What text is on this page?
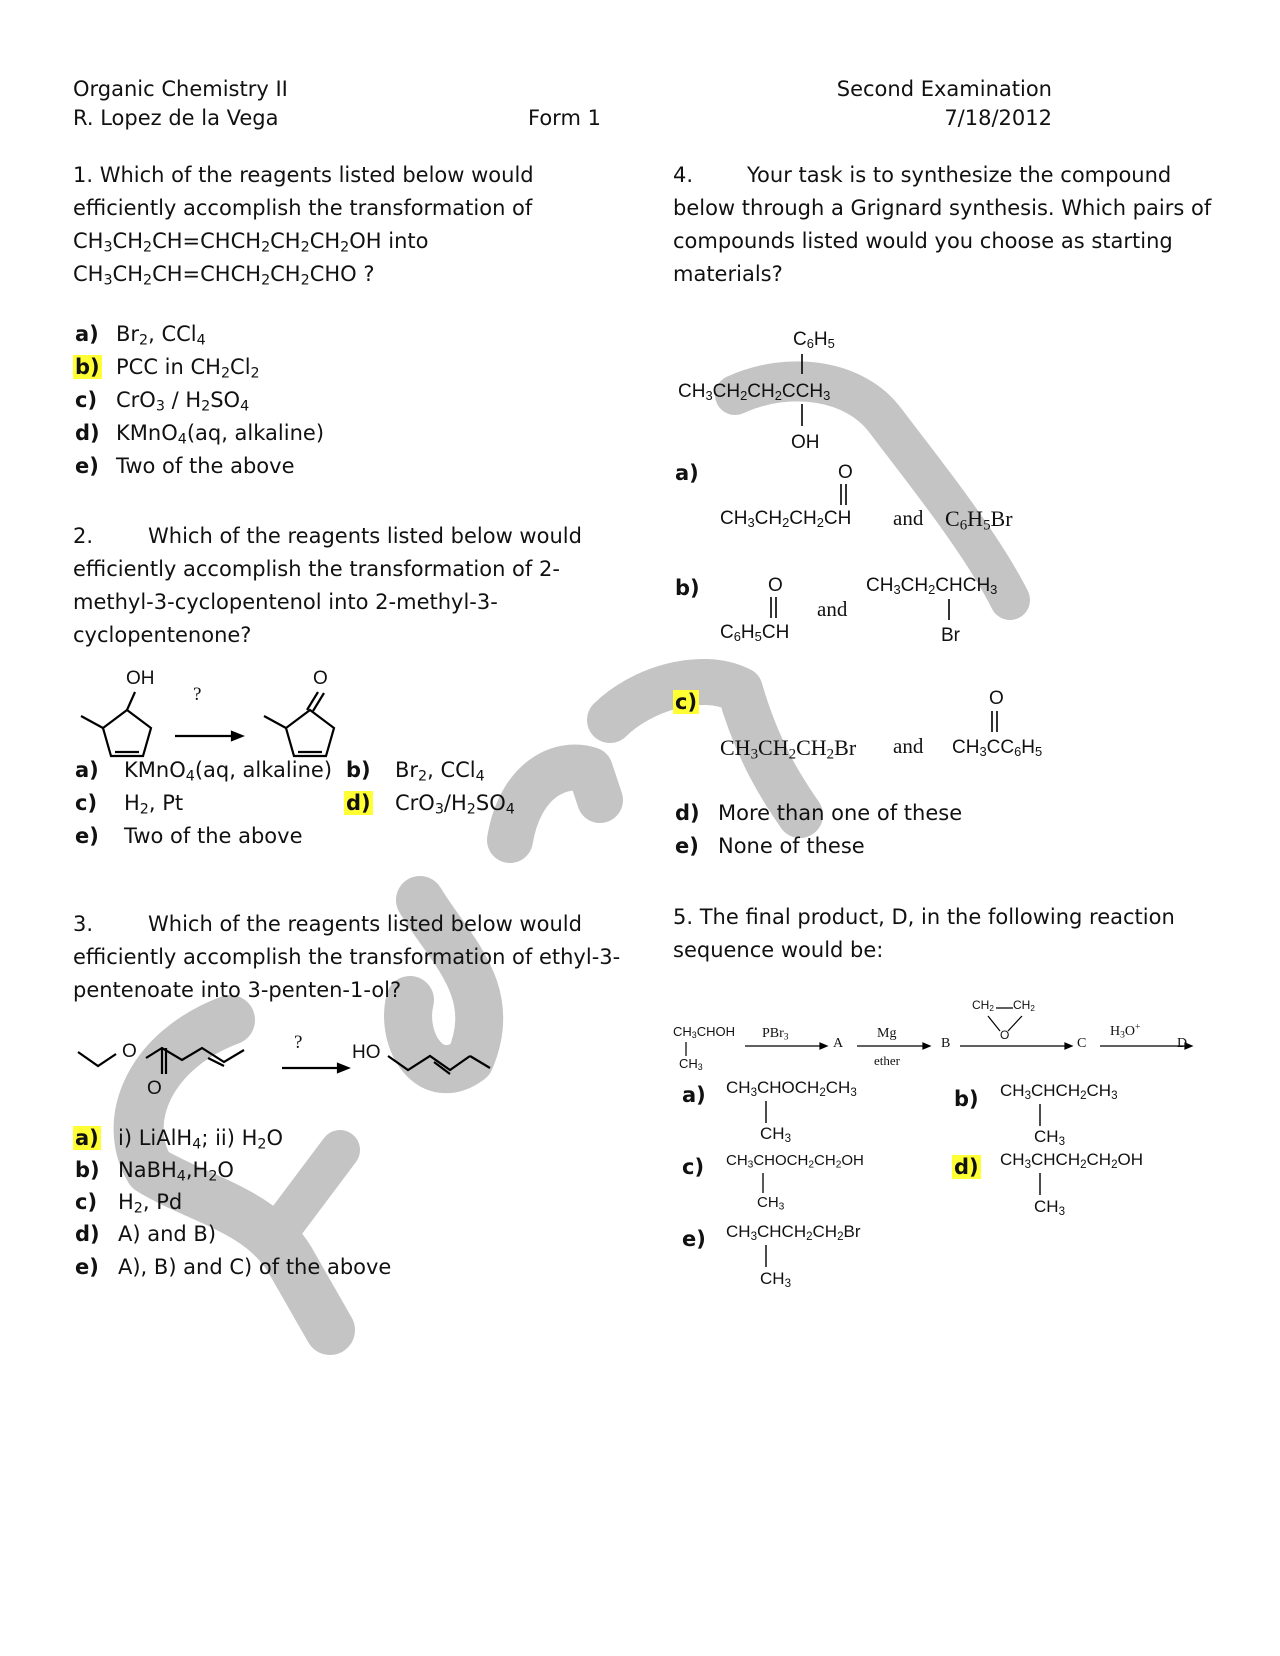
Organic Chemistry II
R. Lopez de la Vega	Form 1
Second Examination
7/18/2012
1. Which of the reagents listed below would
efficiently accomplish the transformation of
$CH_3CH_2CH=CHCH_2CH_2CH_2OH$ into
$CH_3CH_2CH=CHCH_2CH_2CHO$ ?
a) $Br_2$, CCl$_4$
b) PCC in $CH_2Cl_2$
c) $CrO_3 / H_2SO_4$
d) KMnO$_4$(aq, alkaline)
e) Two of the above
2.	Which of the reagents listed below would
efficiently accomplish the transformation of 2-
methyl-3-cyclopentenol into 2-methyl-3-
cyclopentenone?
OH
?
O
a) KMnO$_4$(aq, alkaline) b) $Br_2$, CCl$_4$
c) $H_2$, Pt	d) $CrO_3/H_2SO_4$
e) Two of the above
3.	Which of the reagents listed below would
efficiently accomplish the transformation of ethyl-3-
pentenoate into 3-penten-1-ol?
O
O
?	HO
a) i) LiAlH$_4$; ii) $H_2O$
b) $NaBH_4,H_2O$
c) $H_2$, Pd
d) A) and B)
e) A), B) and C) of the above
4.	Your task is to synthesize the compound
below through a Grignard synthesis. Which pairs of
compounds listed would you choose as starting
materials?
$C_6H_5$
$CH_3CH_2CH_2CCH_3$
OH
a)	O
$CH_3CH_2CH_2CH$ and $C_6H_5Br$
b)	O
$C_6H_5CH$
and
$CH_3CH_2CHCH_3$
Br
c)
$CH_3CH_2CH_2Br$ and
O
$CH_3CC_6H_5$
d) More than one of these
e) None of these
5. The final product, D, in the following reaction
sequence would be:
$CH_3CHOH$
$CH_3$
PBr$_3$	A
Mg
ether
B
$CH_2$ $CH_2$
O
C
$H_3O^+$
D
a) $CH_3CHOCH_2CH_3$
$CH_3$
b) $CH_3CHCH_2CH_3$
$CH_3$
c) $CH_3CHOCH_2CH_2OH$
$CH_3$
d) $CH_3CHCH_2CH_2OH$
$CH_3$
e) $CH_3CHCH_2CH_2Br$
$CH_3$
